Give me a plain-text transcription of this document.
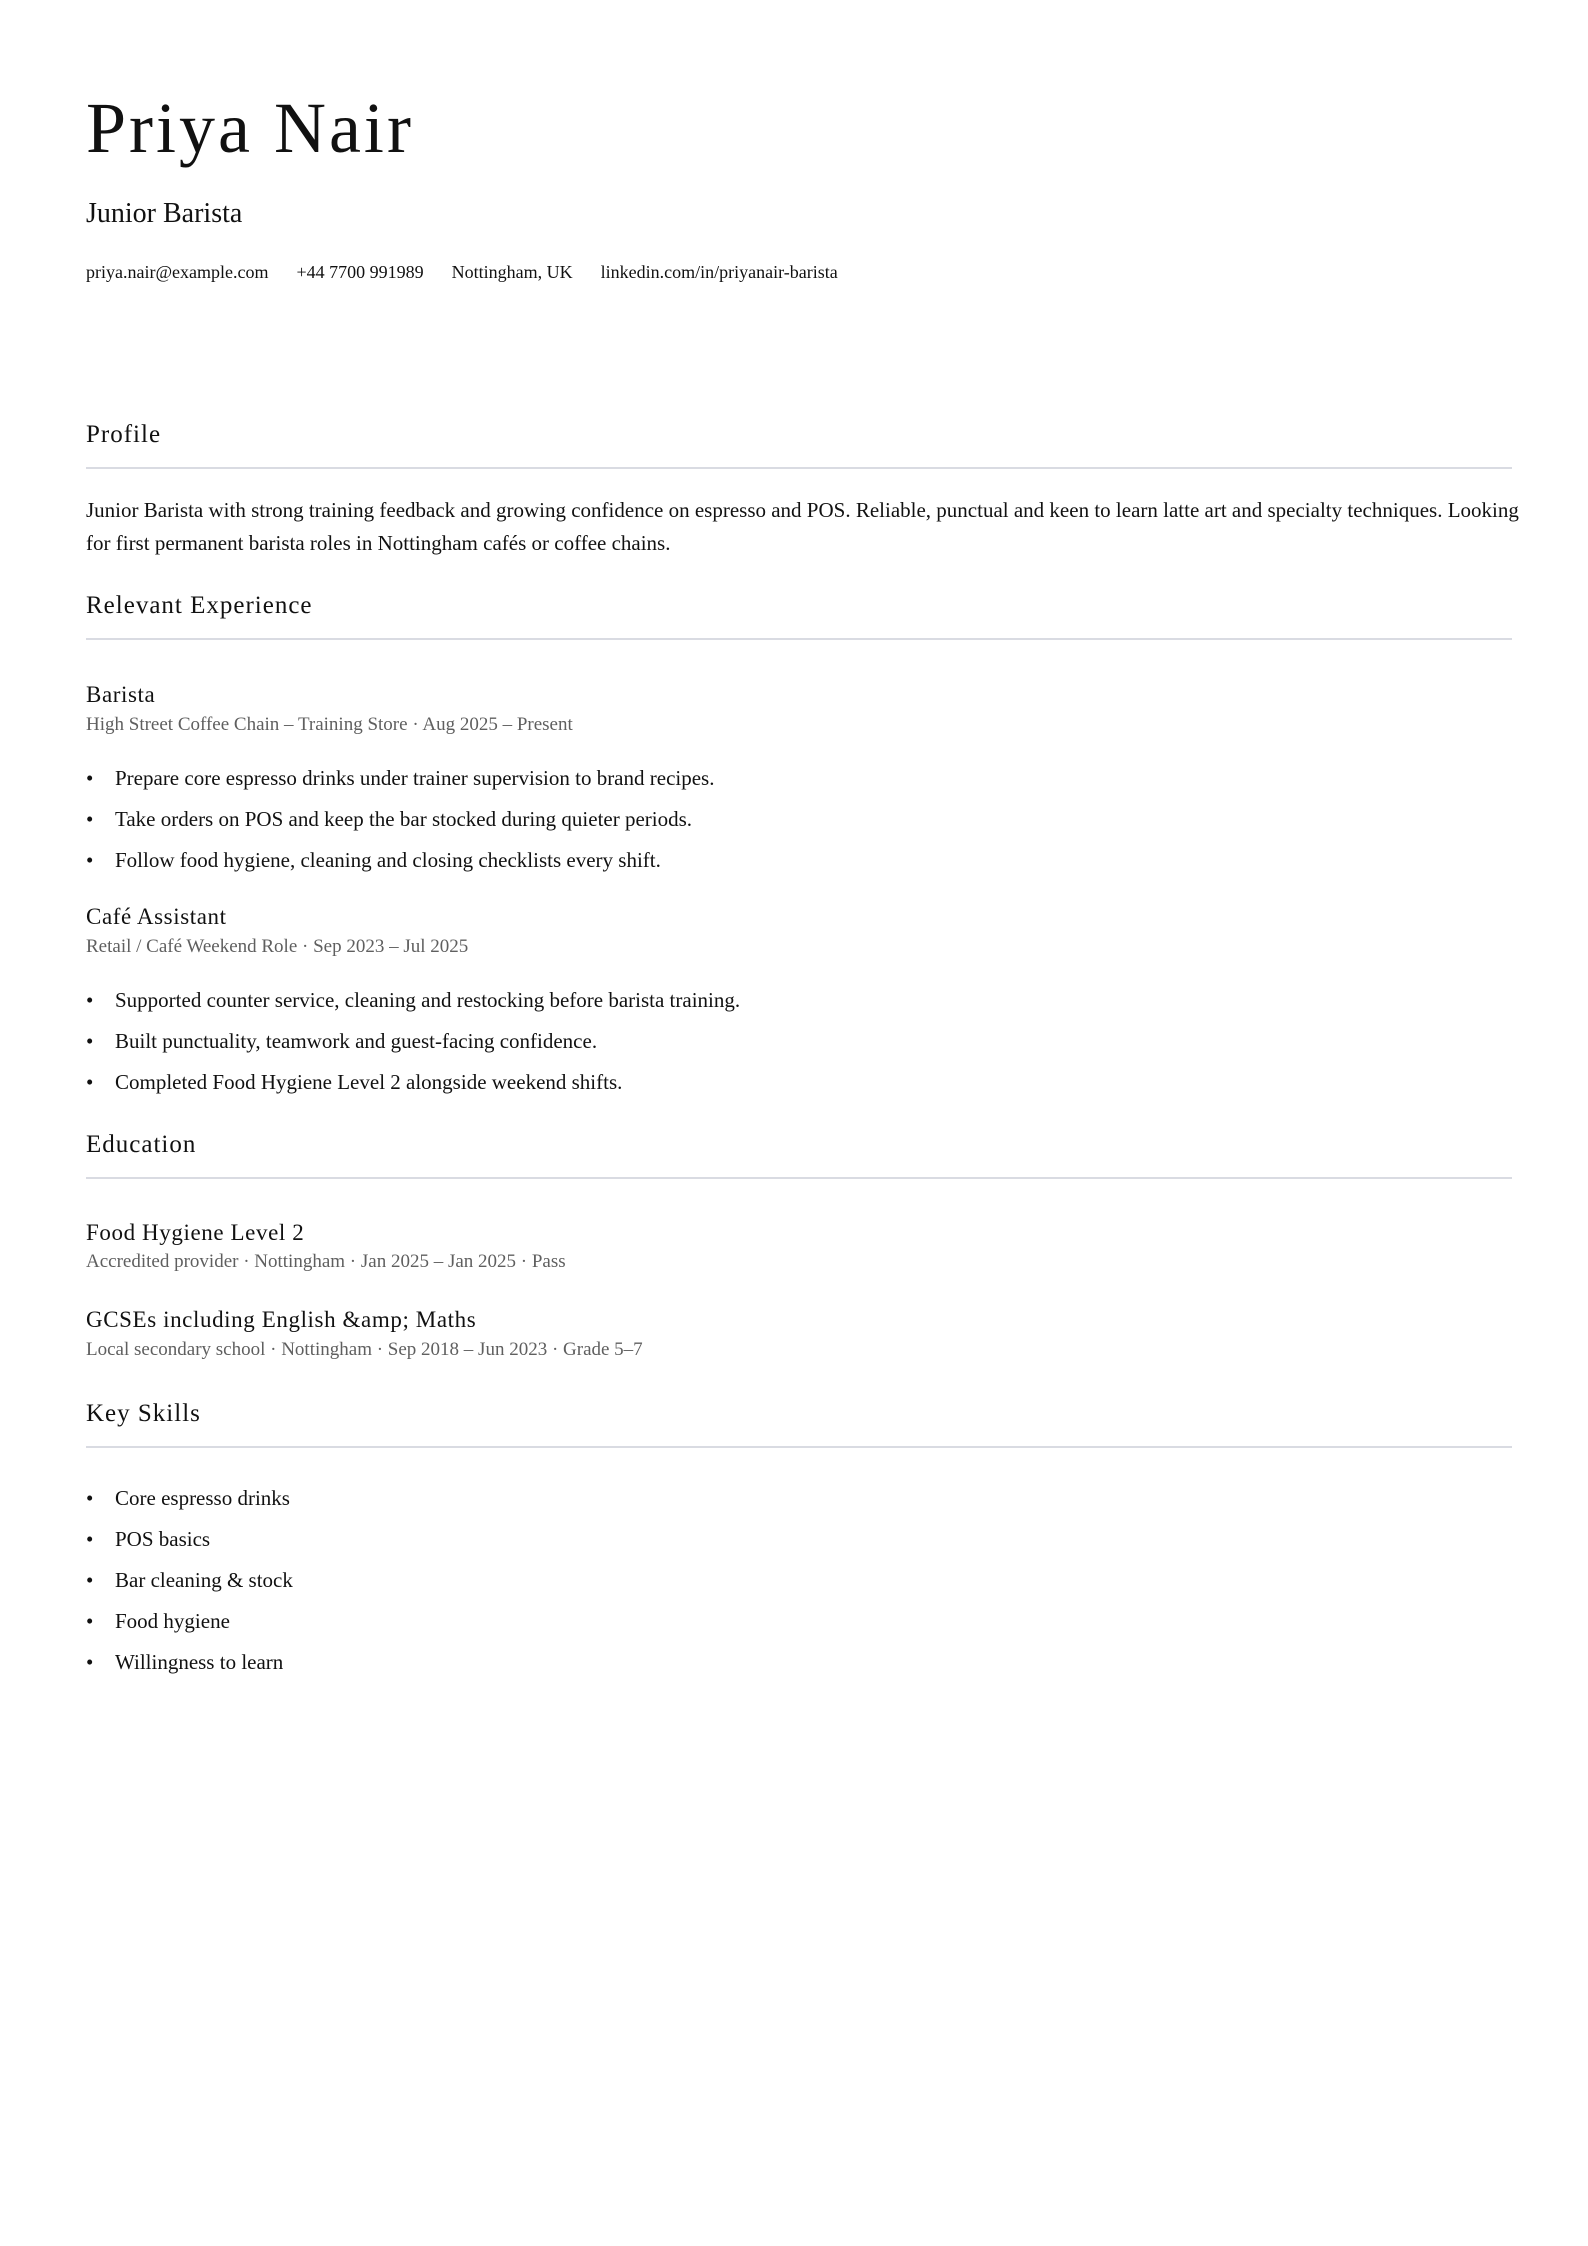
Priya Nair
Junior Barista
priya.nair@example.com +44 7700 991989 Nottingham, UK linkedin.com/in/priyanair-barista
Profile
Junior Barista with strong training feedback and growing confidence on espresso and POS. Reliable, punctual and keen to learn latte art and specialty techniques. Looking for first permanent barista roles in Nottingham cafés or coffee chains.
Relevant Experience
Barista
High Street Coffee Chain – Training Store · Aug 2025 – Present
• Prepare core espresso drinks under trainer supervision to brand recipes.
• Take orders on POS and keep the bar stocked during quieter periods.
• Follow food hygiene, cleaning and closing checklists every shift.
Café Assistant
Retail / Café Weekend Role · Sep 2023 – Jul 2025
• Supported counter service, cleaning and restocking before barista training.
• Built punctuality, teamwork and guest-facing confidence.
• Completed Food Hygiene Level 2 alongside weekend shifts.
Education
Food Hygiene Level 2
Accredited provider · Nottingham · Jan 2025 – Jan 2025 · Pass
GCSEs including English &amp; Maths
Local secondary school · Nottingham · Sep 2018 – Jun 2023 · Grade 5–7
Key Skills
• Core espresso drinks
• POS basics
• Bar cleaning & stock
• Food hygiene
• Willingness to learn
